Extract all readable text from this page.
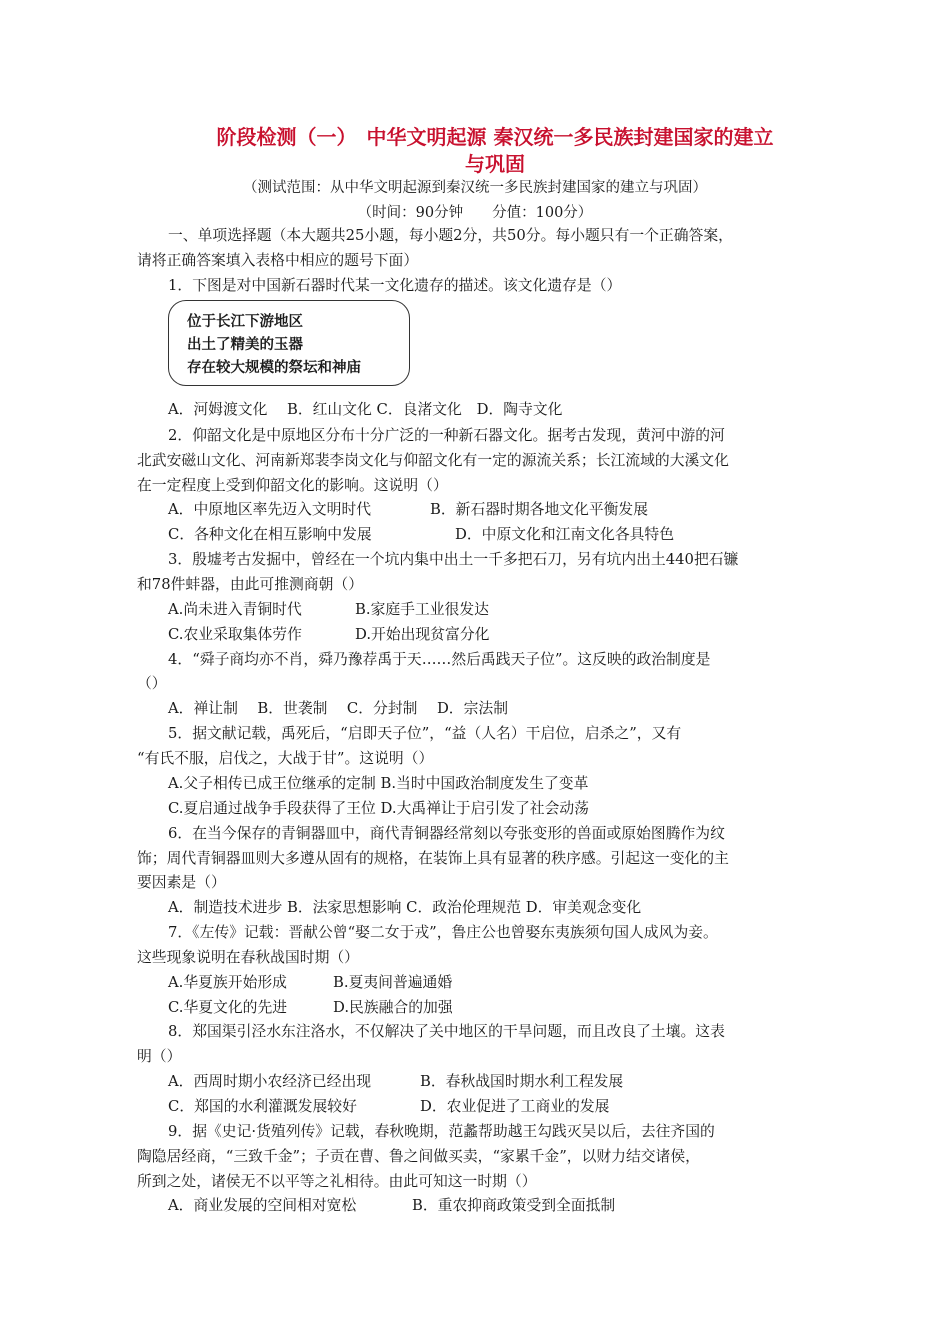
阶段检测（一）　中华文明起源 秦汉统一多民族封建国家的建立
与巩固
（测试范围：从中华文明起源到秦汉统一多民族封建国家的建立与巩固）
（时间：90分钟　　分值：100分）
一、单项选择题（本大题共25小题，每小题2分，共50分。每小题只有一个正确答案，
请将正确答案填入表格中相应的题号下面）
1．下图是对中国新石器时代某一文化遗存的描述。该文化遗存是（）
位于长江下游地区
出土了精美的玉器
存在较大规模的祭坛和神庙
A．河姆渡文化　 B．红山文化 C．良渚文化　D．陶寺文化
2．仰韶文化是中原地区分布十分广泛的一种新石器文化。据考古发现，黄河中游的河
北武安磁山文化、河南新郑裴李岗文化与仰韶文化有一定的源流关系；长江流域的大溪文化
在一定程度上受到仰韶文化的影响。这说明（）
A．中原地区率先迈入文明时代	B．新石器时期各地文化平衡发展
C．各种文化在相互影响中发展	D．中原文化和江南文化各具特色
3．殷墟考古发掘中，曾经在一个坑内集中出土一千多把石刀，另有坑内出土440把石镰
和78件蚌器，由此可推测商朝（）
A.尚未进入青铜时代	B.家庭手工业很发达
C.农业采取集体劳作	D.开始出现贫富分化
4．“舜子商均亦不肖，舜乃豫荐禹于天……然后禹践天子位”。这反映的政治制度是
（）
A．禅让制　 B．世袭制　 C．分封制　 D．宗法制
5．据文献记载，禹死后，“启即天子位”，“益（人名）干启位，启杀之”，又有
“有氏不服，启伐之，大战于甘”。这说明（）
A.父子相传已成王位继承的定制 B.当时中国政治制度发生了变革
C.夏启通过战争手段获得了王位 D.大禹禅让于启引发了社会动荡
6．在当今保存的青铜器皿中，商代青铜器经常刻以夸张变形的兽面或原始图腾作为纹
饰；周代青铜器皿则大多遵从固有的规格，在装饰上具有显著的秩序感。引起这一变化的主
要因素是（）
A．制造技术进步 B．法家思想影响 C．政治伦理规范 D．审美观念变化
7．《左传》记载：晋献公曾“娶二女于戎”，鲁庄公也曾娶东夷族须句国人成风为妾。
这些现象说明在春秋战国时期（）
A.华夏族开始形成	B.夏夷间普遍通婚
C.华夏文化的先进	D.民族融合的加强
8．郑国渠引泾水东注洛水，不仅解决了关中地区的干旱问题，而且改良了土壤。这表
明（）
A．西周时期小农经济已经出现	B．春秋战国时期水利工程发展
C．郑国的水利灌溉发展较好	D．农业促进了工商业的发展
9．据《史记·货殖列传》记载，春秋晚期，范蠡帮助越王勾践灭吴以后，去往齐国的
陶隐居经商，“三致千金”；子贡在曹、鲁之间做买卖，“家累千金”，以财力结交诸侯，
所到之处，诸侯无不以平等之礼相待。由此可知这一时期（）
A．商业发展的空间相对宽松	B．重农抑商政策受到全面抵制
